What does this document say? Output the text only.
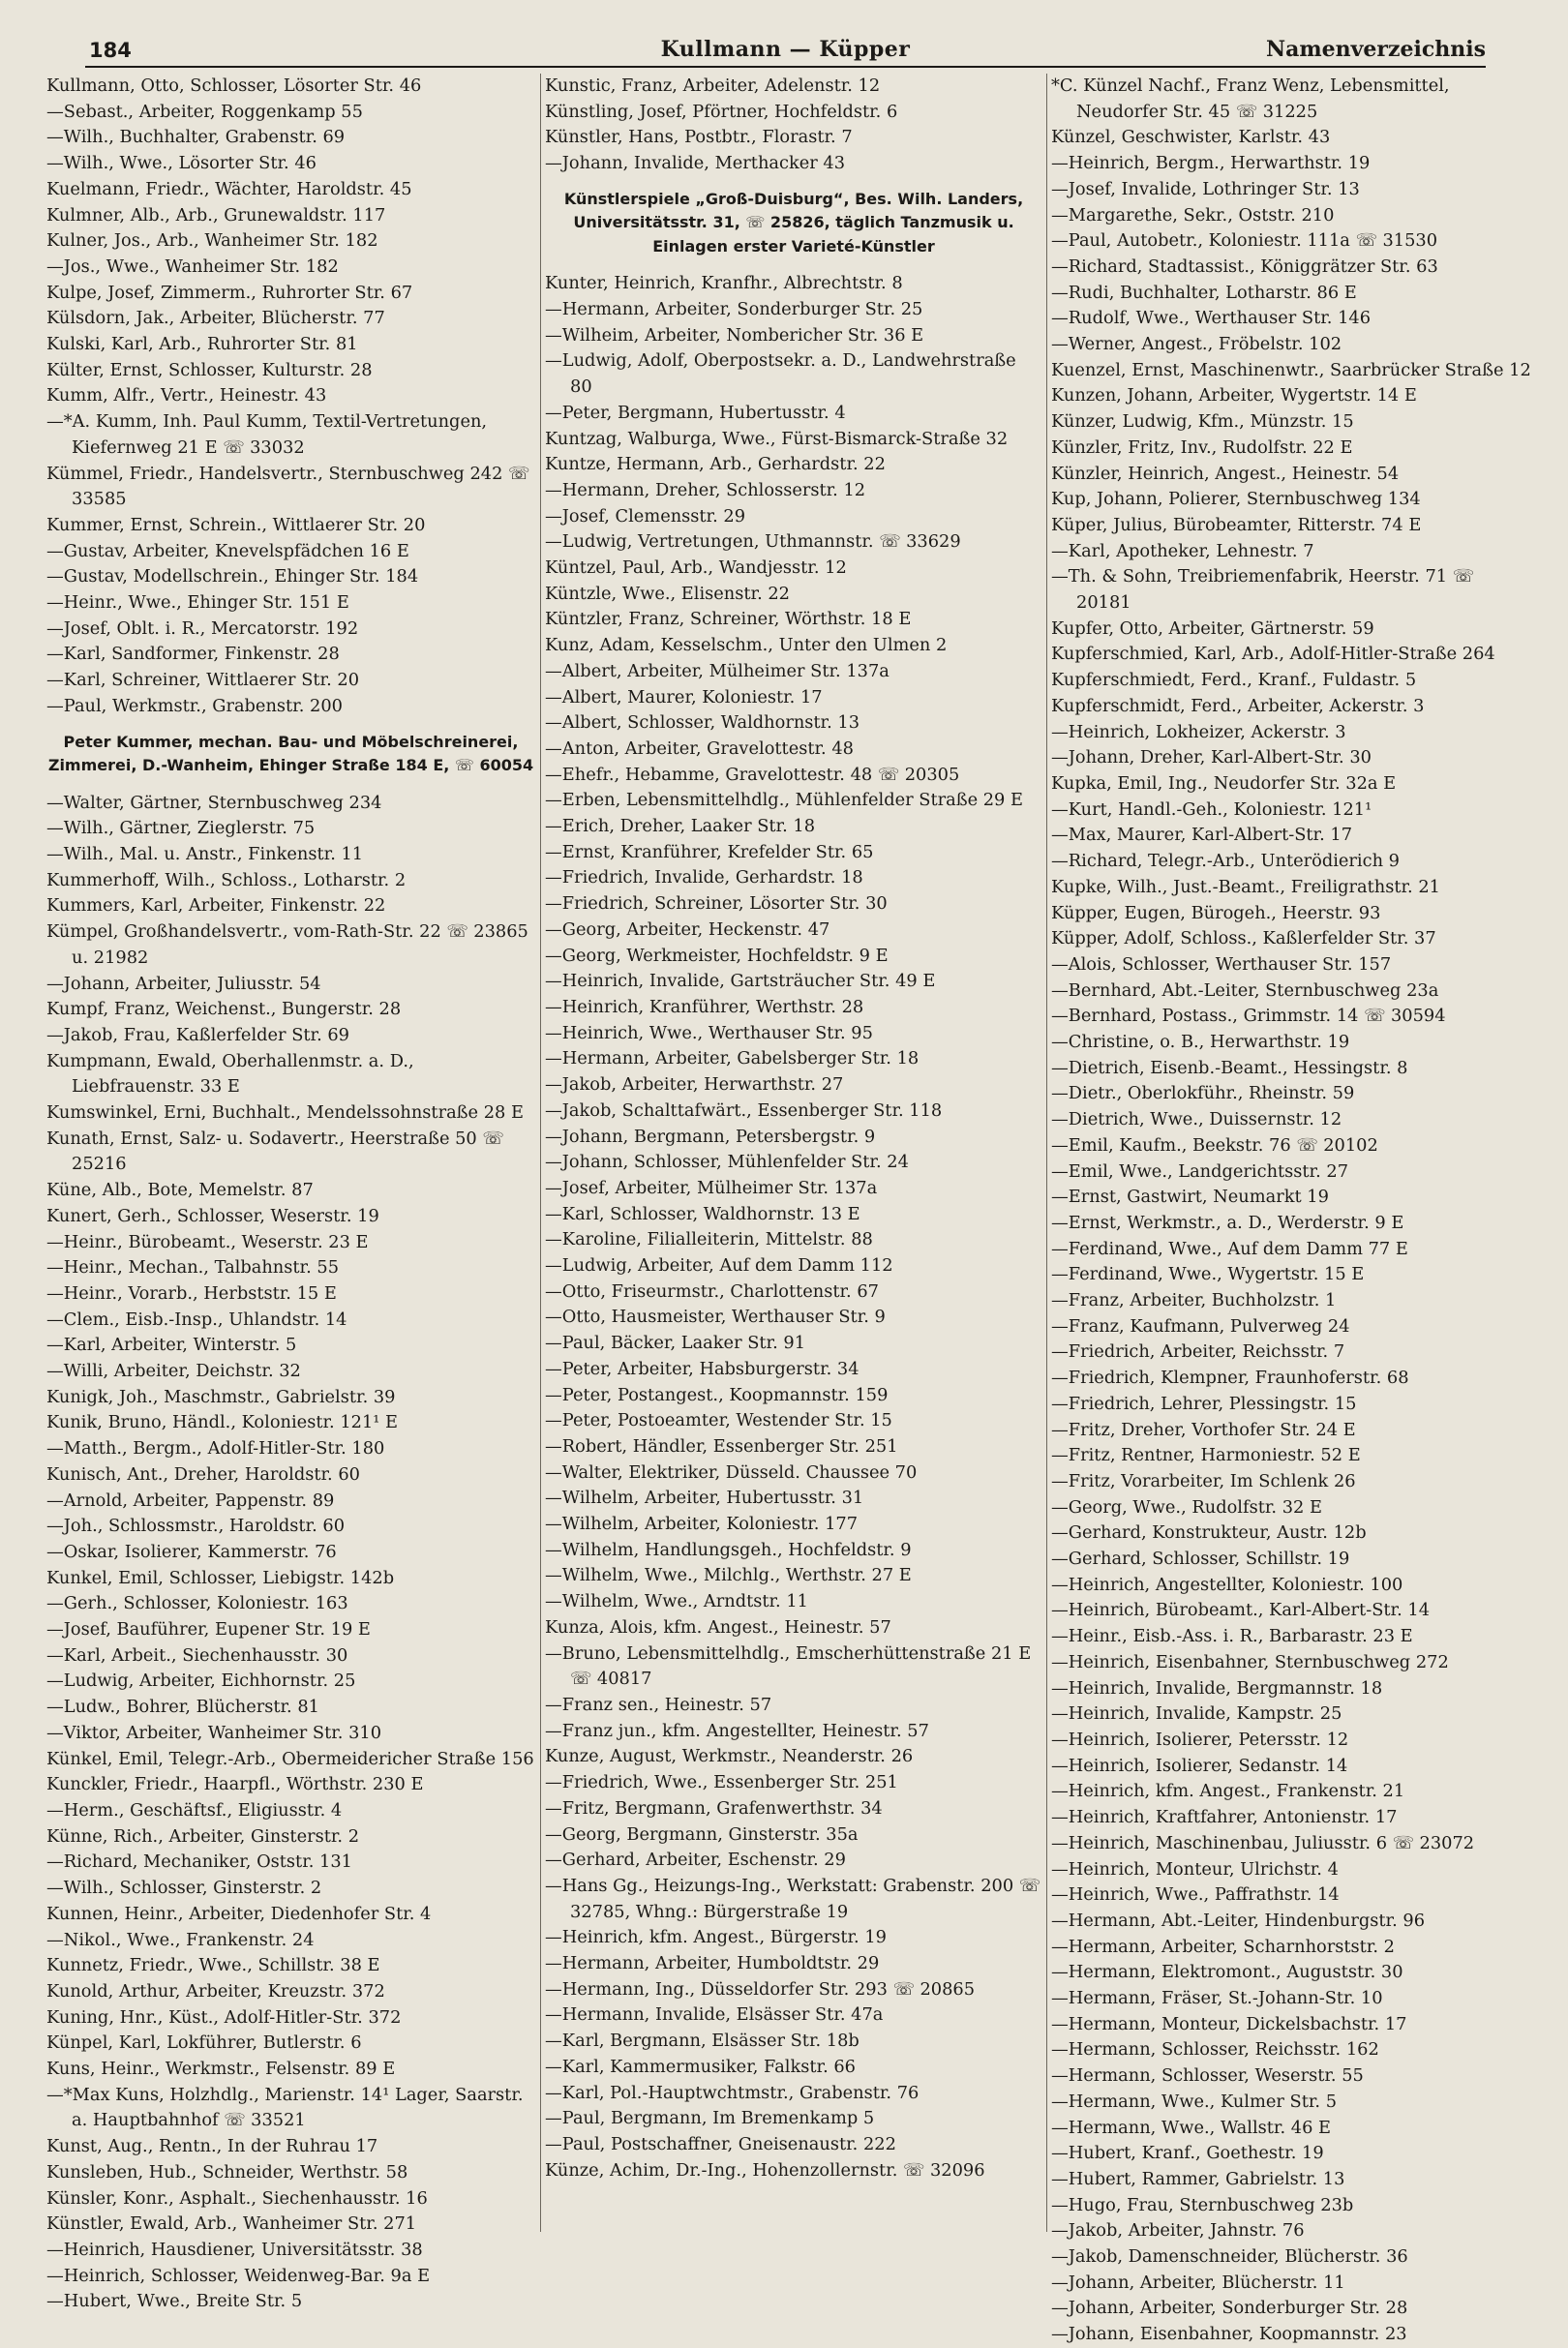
184	Kullmann — Küpper	Namenverzeichnis
Kullmann, Otto, Schlosser, Lösorter Str. 46
—Sebast., Arbeiter, Roggenkamp 55
—Wilh., Buchhalter, Grabenstr. 69
—Wilh., Wwe., Lösorter Str. 46
Kuelmann, Friedr., Wächter, Haroldstr. 45
Kulmner, Alb., Arb., Grunewaldstr. 117
Kulner, Jos., Arb., Wanheimer Str. 182
—Jos., Wwe., Wanheimer Str. 182
Kulpe, Josef, Zimmerm., Ruhrorter Str. 67
Külsdorn, Jak., Arbeiter, Blücherstr. 77
Kulski, Karl, Arb., Ruhrorter Str. 81
Külter, Ernst, Schlosser, Kulturstr. 28
Kumm, Alfr., Vertr., Heinestr. 43
—*A. Kumm, Inh. Paul Kumm, Textil-Vertretungen, Kiefernweg 21 E ☏ 33032
Kümmel, Friedr., Handelsvertr., Sternbuschweg 242 ☏ 33585
Kummer, Ernst, Schrein., Wittlaerer Str. 20
—Gustav, Arbeiter, Knevelspfädchen 16 E
—Gustav, Modellschrein., Ehinger Str. 184
—Heinr., Wwe., Ehinger Str. 151 E
—Josef, Oblt. i. R., Mercatorstr. 192
—Karl, Sandformer, Finkenstr. 28
—Karl, Schreiner, Wittlaerer Str. 20
—Paul, Werkmstr., Grabenstr. 200
Peter Kummer, mechan. Bau- und Möbelschreinerei, Zimmerei, D.-Wanheim, Ehinger Straße 184 E, ☏ 60054
—Walter, Gärtner, Sternbuschweg 234
—Wilh., Gärtner, Zieglerstr. 75
—Wilh., Mal. u. Anstr., Finkenstr. 11
Kummerhoff, Wilh., Schloss., Lotharstr. 2
Kummers, Karl, Arbeiter, Finkenstr. 22
Kümpel, Großhandelsvertr., vom-Rath-Str. 22 ☏ 23865 u. 21982
—Johann, Arbeiter, Juliusstr. 54
Kumpf, Franz, Weichenst., Bungerstr. 28
—Jakob, Frau, Kaßlerfelder Str. 69
Kumpmann, Ewald, Oberhallenmstr. a. D., Liebfrauenstr. 33 E
Kumswinkel, Erni, Buchhalt., Mendelssohnstraße 28 E
Kunath, Ernst, Salz- u. Sodavertr., Heerstraße 50 ☏ 25216
Küne, Alb., Bote, Memelstr. 87
Kunert, Gerh., Schlosser, Weserstr. 19
—Heinr., Bürobeamt., Weserstr. 23 E
—Heinr., Mechan., Talbahnstr. 55
—Heinr., Vorarb., Herbststr. 15 E
—Clem., Eisb.-Insp., Uhlandstr. 14
—Karl, Arbeiter, Winterstr. 5
—Willi, Arbeiter, Deichstr. 32
Kunigk, Joh., Maschmstr., Gabrielstr. 39
Kunik, Bruno, Händl., Koloniestr. 121¹ E
—Matth., Bergm., Adolf-Hitler-Str. 180
Kunisch, Ant., Dreher, Haroldstr. 60
—Arnold, Arbeiter, Pappenstr. 89
—Joh., Schlossmstr., Haroldstr. 60
—Oskar, Isolierer, Kammerstr. 76
Kunkel, Emil, Schlosser, Liebigstr. 142b
—Gerh., Schlosser, Koloniestr. 163
—Josef, Bauführer, Eupener Str. 19 E
—Karl, Arbeit., Siechenhausstr. 30
—Ludwig, Arbeiter, Eichhornstr. 25
—Ludw., Bohrer, Blücherstr. 81
—Viktor, Arbeiter, Wanheimer Str. 310
Künkel, Emil, Telegr.-Arb., Obermeidericher Straße 156
Kunckler, Friedr., Haarpfl., Wörthstr. 230 E
—Herm., Geschäftsf., Eligiusstr. 4
Künne, Rich., Arbeiter, Ginsterstr. 2
—Richard, Mechaniker, Oststr. 131
—Wilh., Schlosser, Ginsterstr. 2
Kunnen, Heinr., Arbeiter, Diedenhofer Str. 4
—Nikol., Wwe., Frankenstr. 24
Kunnetz, Friedr., Wwe., Schillstr. 38 E
Kunold, Arthur, Arbeiter, Kreuzstr. 372
Kuning, Hnr., Küst., Adolf-Hitler-Str. 372
Künpel, Karl, Lokführer, Butlerstr. 6
Kuns, Heinr., Werkmstr., Felsenstr. 89 E
—*Max Kuns, Holzhdlg., Marienstr. 14¹ Lager, Saarstr. a. Hauptbahnhof ☏ 33521
Kunst, Aug., Rentn., In der Ruhrau 17
Kunsleben, Hub., Schneider, Werthstr. 58
Künsler, Konr., Asphalt., Siechenhausstr. 16
Künstler, Ewald, Arb., Wanheimer Str. 271
—Heinrich, Hausdiener, Universitätsstr. 38
—Heinrich, Schlosser, Weidenweg-Bar. 9a E
—Hubert, Wwe., Breite Str. 5
Kunstic, Franz, Arbeiter, Adelenstr. 12
Künstling, Josef, Pförtner, Hochfeldstr. 6
Künstler, Hans, Postbtr., Florastr. 7
—Johann, Invalide, Merthacker 43
Künstlerspiele „Groß-Duisburg“, Bes. Wilh. Landers, Universitätsstr. 31, ☏ 25826, täglich Tanzmusik u. Einlagen erster Varieté-Künstler
Kunter, Heinrich, Kranfhr., Albrechtstr. 8
—Hermann, Arbeiter, Sonderburger Str. 25
—Wilheim, Arbeiter, Nombericher Str. 36 E
—Ludwig, Adolf, Oberpostsekr. a. D., Landwehrstraße 80
—Peter, Bergmann, Hubertusstr. 4
Kuntzag, Walburga, Wwe., Fürst-Bismarck-Straße 32
Kuntze, Hermann, Arb., Gerhardstr. 22
—Hermann, Dreher, Schlosserstr. 12
—Josef, Clemensstr. 29
—Ludwig, Vertretungen, Uthmannstr. ☏ 33629
Küntzel, Paul, Arb., Wandjesstr. 12
Küntzle, Wwe., Elisenstr. 22
Küntzler, Franz, Schreiner, Wörthstr. 18 E
Kunz, Adam, Kesselschm., Unter den Ulmen 2
—Albert, Arbeiter, Mülheimer Str. 137a
—Albert, Maurer, Koloniestr. 17
—Albert, Schlosser, Waldhornstr. 13
—Anton, Arbeiter, Gravelottestr. 48
—Ehefr., Hebamme, Gravelottestr. 48 ☏ 20305
—Erben, Lebensmittelhdlg., Mühlenfelder Straße 29 E
—Erich, Dreher, Laaker Str. 18
—Ernst, Kranführer, Krefelder Str. 65
—Friedrich, Invalide, Gerhardstr. 18
—Friedrich, Schreiner, Lösorter Str. 30
—Georg, Arbeiter, Heckenstr. 47
—Georg, Werkmeister, Hochfeldstr. 9 E
—Heinrich, Invalide, Gartsträucher Str. 49 E
—Heinrich, Kranführer, Werthstr. 28
—Heinrich, Wwe., Werthauser Str. 95
—Hermann, Arbeiter, Gabelsberger Str. 18
—Jakob, Arbeiter, Herwarthstr. 27
—Jakob, Schalttafwärt., Essenberger Str. 118
—Johann, Bergmann, Petersbergstr. 9
—Johann, Schlosser, Mühlenfelder Str. 24
—Josef, Arbeiter, Mülheimer Str. 137a
—Karl, Schlosser, Waldhornstr. 13 E
—Karoline, Filialleiterin, Mittelstr. 88
—Ludwig, Arbeiter, Auf dem Damm 112
—Otto, Friseurmstr., Charlottenstr. 67
—Otto, Hausmeister, Werthauser Str. 9
—Paul, Bäcker, Laaker Str. 91
—Peter, Arbeiter, Habsburgerstr. 34
—Peter, Postangest., Koopmannstr. 159
—Peter, Postoeamter, Westender Str. 15
—Robert, Händler, Essenberger Str. 251
—Walter, Elektriker, Düsseld. Chaussee 70
—Wilhelm, Arbeiter, Hubertusstr. 31
—Wilhelm, Arbeiter, Koloniestr. 177
—Wilhelm, Handlungsgeh., Hochfeldstr. 9
—Wilhelm, Wwe., Milchlg., Werthstr. 27 E
—Wilhelm, Wwe., Arndtstr. 11
Kunza, Alois, kfm. Angest., Heinestr. 57
—Bruno, Lebensmittelhdlg., Emscherhüttenstraße 21 E ☏ 40817
—Franz sen., Heinestr. 57
—Franz jun., kfm. Angestellter, Heinestr. 57
Kunze, August, Werkmstr., Neanderstr. 26
—Friedrich, Wwe., Essenberger Str. 251
—Fritz, Bergmann, Grafenwerthstr. 34
—Georg, Bergmann, Ginsterstr. 35a
—Gerhard, Arbeiter, Eschenstr. 29
—Hans Gg., Heizungs-Ing., Werkstatt: Grabenstr. 200 ☏ 32785, Whng.: Bürgerstraße 19
—Heinrich, kfm. Angest., Bürgerstr. 19
—Hermann, Arbeiter, Humboldtstr. 29
—Hermann, Ing., Düsseldorfer Str. 293 ☏ 20865
—Hermann, Invalide, Elsässer Str. 47a
—Karl, Bergmann, Elsässer Str. 18b
—Karl, Kammermusiker, Falkstr. 66
—Karl, Pol.-Hauptwchtmstr., Grabenstr. 76
—Paul, Bergmann, Im Bremenkamp 5
—Paul, Postschaffner, Gneisenaustr. 222
Künze, Achim, Dr.-Ing., Hohenzollernstr. ☏ 32096
*C. Künzel Nachf., Franz Wenz, Lebensmittel, Neudorfer Str. 45 ☏ 31225
Künzel, Geschwister, Karlstr. 43
—Heinrich, Bergm., Herwarthstr. 19
—Josef, Invalide, Lothringer Str. 13
—Margarethe, Sekr., Oststr. 210
—Paul, Autobetr., Koloniestr. 111a ☏ 31530
—Richard, Stadtassist., Königgrätzer Str. 63
—Rudi, Buchhalter, Lotharstr. 86 E
—Rudolf, Wwe., Werthauser Str. 146
—Werner, Angest., Fröbelstr. 102
Kuenzel, Ernst, Maschinenwtr., Saarbrücker Straße 12
Kunzen, Johann, Arbeiter, Wygertstr. 14 E
Künzer, Ludwig, Kfm., Münzstr. 15
Künzler, Fritz, Inv., Rudolfstr. 22 E
Künzler, Heinrich, Angest., Heinestr. 54
Kup, Johann, Polierer, Sternbuschweg 134
Küper, Julius, Bürobeamter, Ritterstr. 74 E
—Karl, Apotheker, Lehnestr. 7
—Th. & Sohn, Treibriemenfabrik, Heerstr. 71 ☏ 20181
Kupfer, Otto, Arbeiter, Gärtnerstr. 59
Kupferschmied, Karl, Arb., Adolf-Hitler-Straße 264
Kupferschmiedt, Ferd., Kranf., Fuldastr. 5
Kupferschmidt, Ferd., Arbeiter, Ackerstr. 3
—Heinrich, Lokheizer, Ackerstr. 3
—Johann, Dreher, Karl-Albert-Str. 30
Kupka, Emil, Ing., Neudorfer Str. 32a E
—Kurt, Handl.-Geh., Koloniestr. 121¹
—Max, Maurer, Karl-Albert-Str. 17
—Richard, Telegr.-Arb., Unterödierich 9
Kupke, Wilh., Just.-Beamt., Freiligrathstr. 21
Küpper, Eugen, Bürogeh., Heerstr. 93
Küpper, Adolf, Schloss., Kaßlerfelder Str. 37
—Alois, Schlosser, Werthauser Str. 157
—Bernhard, Abt.-Leiter, Sternbuschweg 23a
—Bernhard, Postass., Grimmstr. 14 ☏ 30594
—Christine, o. B., Herwarthstr. 19
—Dietrich, Eisenb.-Beamt., Hessingstr. 8
—Dietr., Oberlokführ., Rheinstr. 59
—Dietrich, Wwe., Duissernstr. 12
—Emil, Kaufm., Beekstr. 76 ☏ 20102
—Emil, Wwe., Landgerichtsstr. 27
—Ernst, Gastwirt, Neumarkt 19
—Ernst, Werkmstr., a. D., Werderstr. 9 E
—Ferdinand, Wwe., Auf dem Damm 77 E
—Ferdinand, Wwe., Wygertstr. 15 E
—Franz, Arbeiter, Buchholzstr. 1
—Franz, Kaufmann, Pulverweg 24
—Friedrich, Arbeiter, Reichsstr. 7
—Friedrich, Klempner, Fraunhoferstr. 68
—Friedrich, Lehrer, Plessingstr. 15
—Fritz, Dreher, Vorthofer Str. 24 E
—Fritz, Rentner, Harmoniestr. 52 E
—Fritz, Vorarbeiter, Im Schlenk 26
—Georg, Wwe., Rudolfstr. 32 E
—Gerhard, Konstrukteur, Austr. 12b
—Gerhard, Schlosser, Schillstr. 19
—Heinrich, Angestellter, Koloniestr. 100
—Heinrich, Bürobeamt., Karl-Albert-Str. 14
—Heinr., Eisb.-Ass. i. R., Barbarastr. 23 E
—Heinrich, Eisenbahner, Sternbuschweg 272
—Heinrich, Invalide, Bergmannstr. 18
—Heinrich, Invalide, Kampstr. 25
—Heinrich, Isolierer, Petersstr. 12
—Heinrich, Isolierer, Sedanstr. 14
—Heinrich, kfm. Angest., Frankenstr. 21
—Heinrich, Kraftfahrer, Antonienstr. 17
—Heinrich, Maschinenbau, Juliusstr. 6 ☏ 23072
—Heinrich, Monteur, Ulrichstr. 4
—Heinrich, Wwe., Paffrathstr. 14
—Hermann, Abt.-Leiter, Hindenburgstr. 96
—Hermann, Arbeiter, Scharnhorststr. 2
—Hermann, Elektromont., Auguststr. 30
—Hermann, Fräser, St.-Johann-Str. 10
—Hermann, Monteur, Dickelsbachstr. 17
—Hermann, Schlosser, Reichsstr. 162
—Hermann, Schlosser, Weserstr. 55
—Hermann, Wwe., Kulmer Str. 5
—Hermann, Wwe., Wallstr. 46 E
—Hubert, Kranf., Goethestr. 19
—Hubert, Rammer, Gabrielstr. 13
—Hugo, Frau, Sternbuschweg 23b
—Jakob, Arbeiter, Jahnstr. 76
—Jakob, Damenschneider, Blücherstr. 36
—Johann, Arbeiter, Blücherstr. 11
—Johann, Arbeiter, Sonderburger Str. 28
—Johann, Eisenbahner, Koopmannstr. 23
